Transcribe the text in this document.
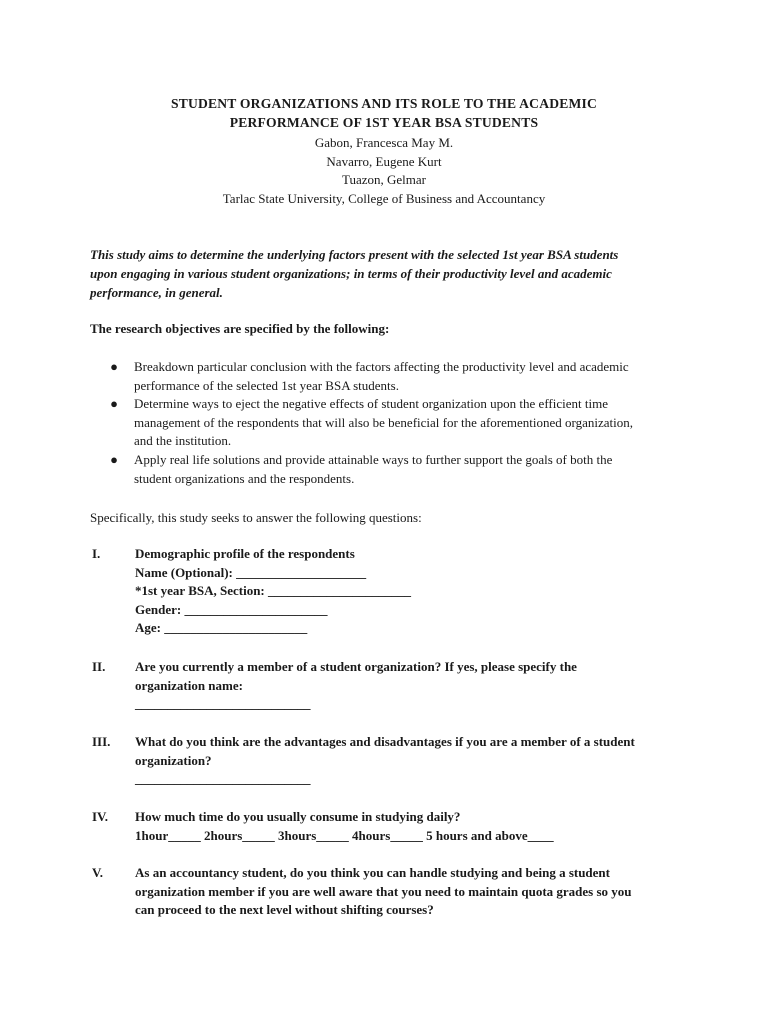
STUDENT ORGANIZATIONS AND ITS ROLE TO THE ACADEMIC
PERFORMANCE OF 1ST YEAR BSA STUDENTS
Gabon, Francesca May M.
Navarro, Eugene Kurt
Tuazon, Gelmar
Tarlac State University, College of Business and Accountancy
This study aims to determine the underlying factors present with the selected 1st year BSA students
upon engaging in various student organizations; in terms of their productivity level and academic
performance, in general.
The research objectives are specified by the following:
● Breakdown particular conclusion with the factors affecting the productivity level and academic
performance of the selected 1st year BSA students.
● Determine ways to eject the negative effects of student organization upon the efficient time
management of the respondents that will also be beneficial for the aforementioned organization,
and the institution.
● Apply real life solutions and provide attainable ways to further support the goals of both the
student organizations and the respondents.
Specifically, this study seeks to answer the following questions:
I.	Demographic profile of the respondents
Name (Optional): ____________________
*1st year BSA, Section: ______________________
Gender: ______________________
Age: ______________________
II.	Are you currently a member of a student organization? If yes, please specify the
organization name:
___________________________
III.	What do you think are the advantages and disadvantages if you are a member of a student
organization?
___________________________
IV.	How much time do you usually consume in studying daily?
1hour_____ 2hours_____ 3hours_____ 4hours_____ 5 hours and above____
V.	As an accountancy student, do you think you can handle studying and being a student
organization member if you are well aware that you need to maintain quota grades so you
can proceed to the next level without shifting courses?
